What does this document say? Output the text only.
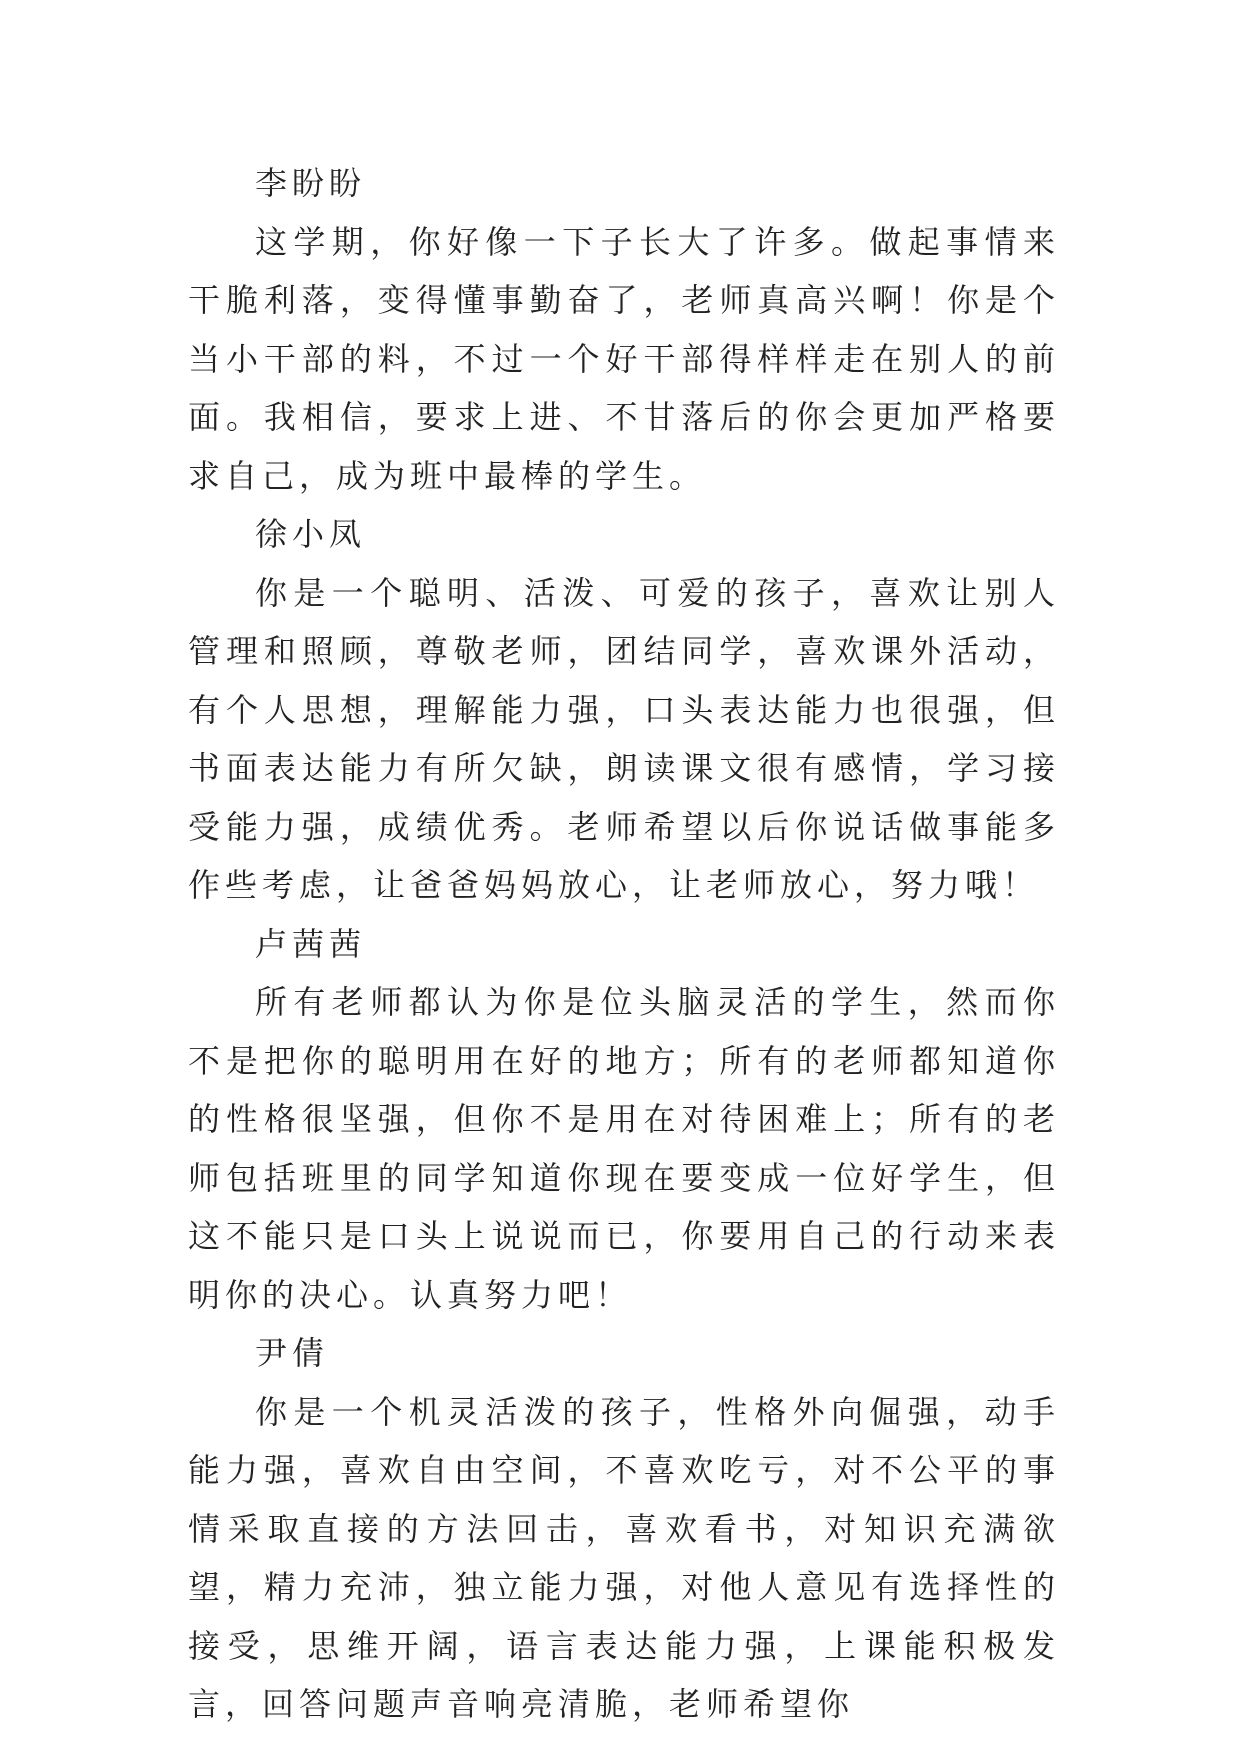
李盼盼

这学期，你好像一下子长大了许多。做起事情来干脆利落，变得懂事勤奋了，老师真高兴啊！你是个当小干部的料，不过一个好干部得样样走在别人的前面。我相信，要求上进、不甘落后的你会更加严格要求自己，成为班中最棒的学生。

徐小凤

你是一个聪明、活泼、可爱的孩子，喜欢让别人管理和照顾，尊敬老师，团结同学，喜欢课外活动，有个人思想，理解能力强，口头表达能力也很强，但书面表达能力有所欠缺，朗读课文很有感情，学习接受能力强，成绩优秀。老师希望以后你说话做事能多作些考虑，让爸爸妈妈放心，让老师放心，努力哦！

卢茜茜

所有老师都认为你是位头脑灵活的学生，然而你不是把你的聪明用在好的地方；所有的老师都知道你的性格很坚强，但你不是用在对待困难上；所有的老师包括班里的同学知道你现在要变成一位好学生，但这不能只是口头上说说而已，你要用自己的行动来表明你的决心。认真努力吧！

尹倩

你是一个机灵活泼的孩子，性格外向倔强，动手能力强，喜欢自由空间，不喜欢吃亏，对不公平的事情采取直接的方法回击，喜欢看书，对知识充满欲望，精力充沛，独立能力强，对他人意见有选择性的接受，思维开阔，语言表达能力强，上课能积极发言，回答问题声音响亮清脆，老师希望你
